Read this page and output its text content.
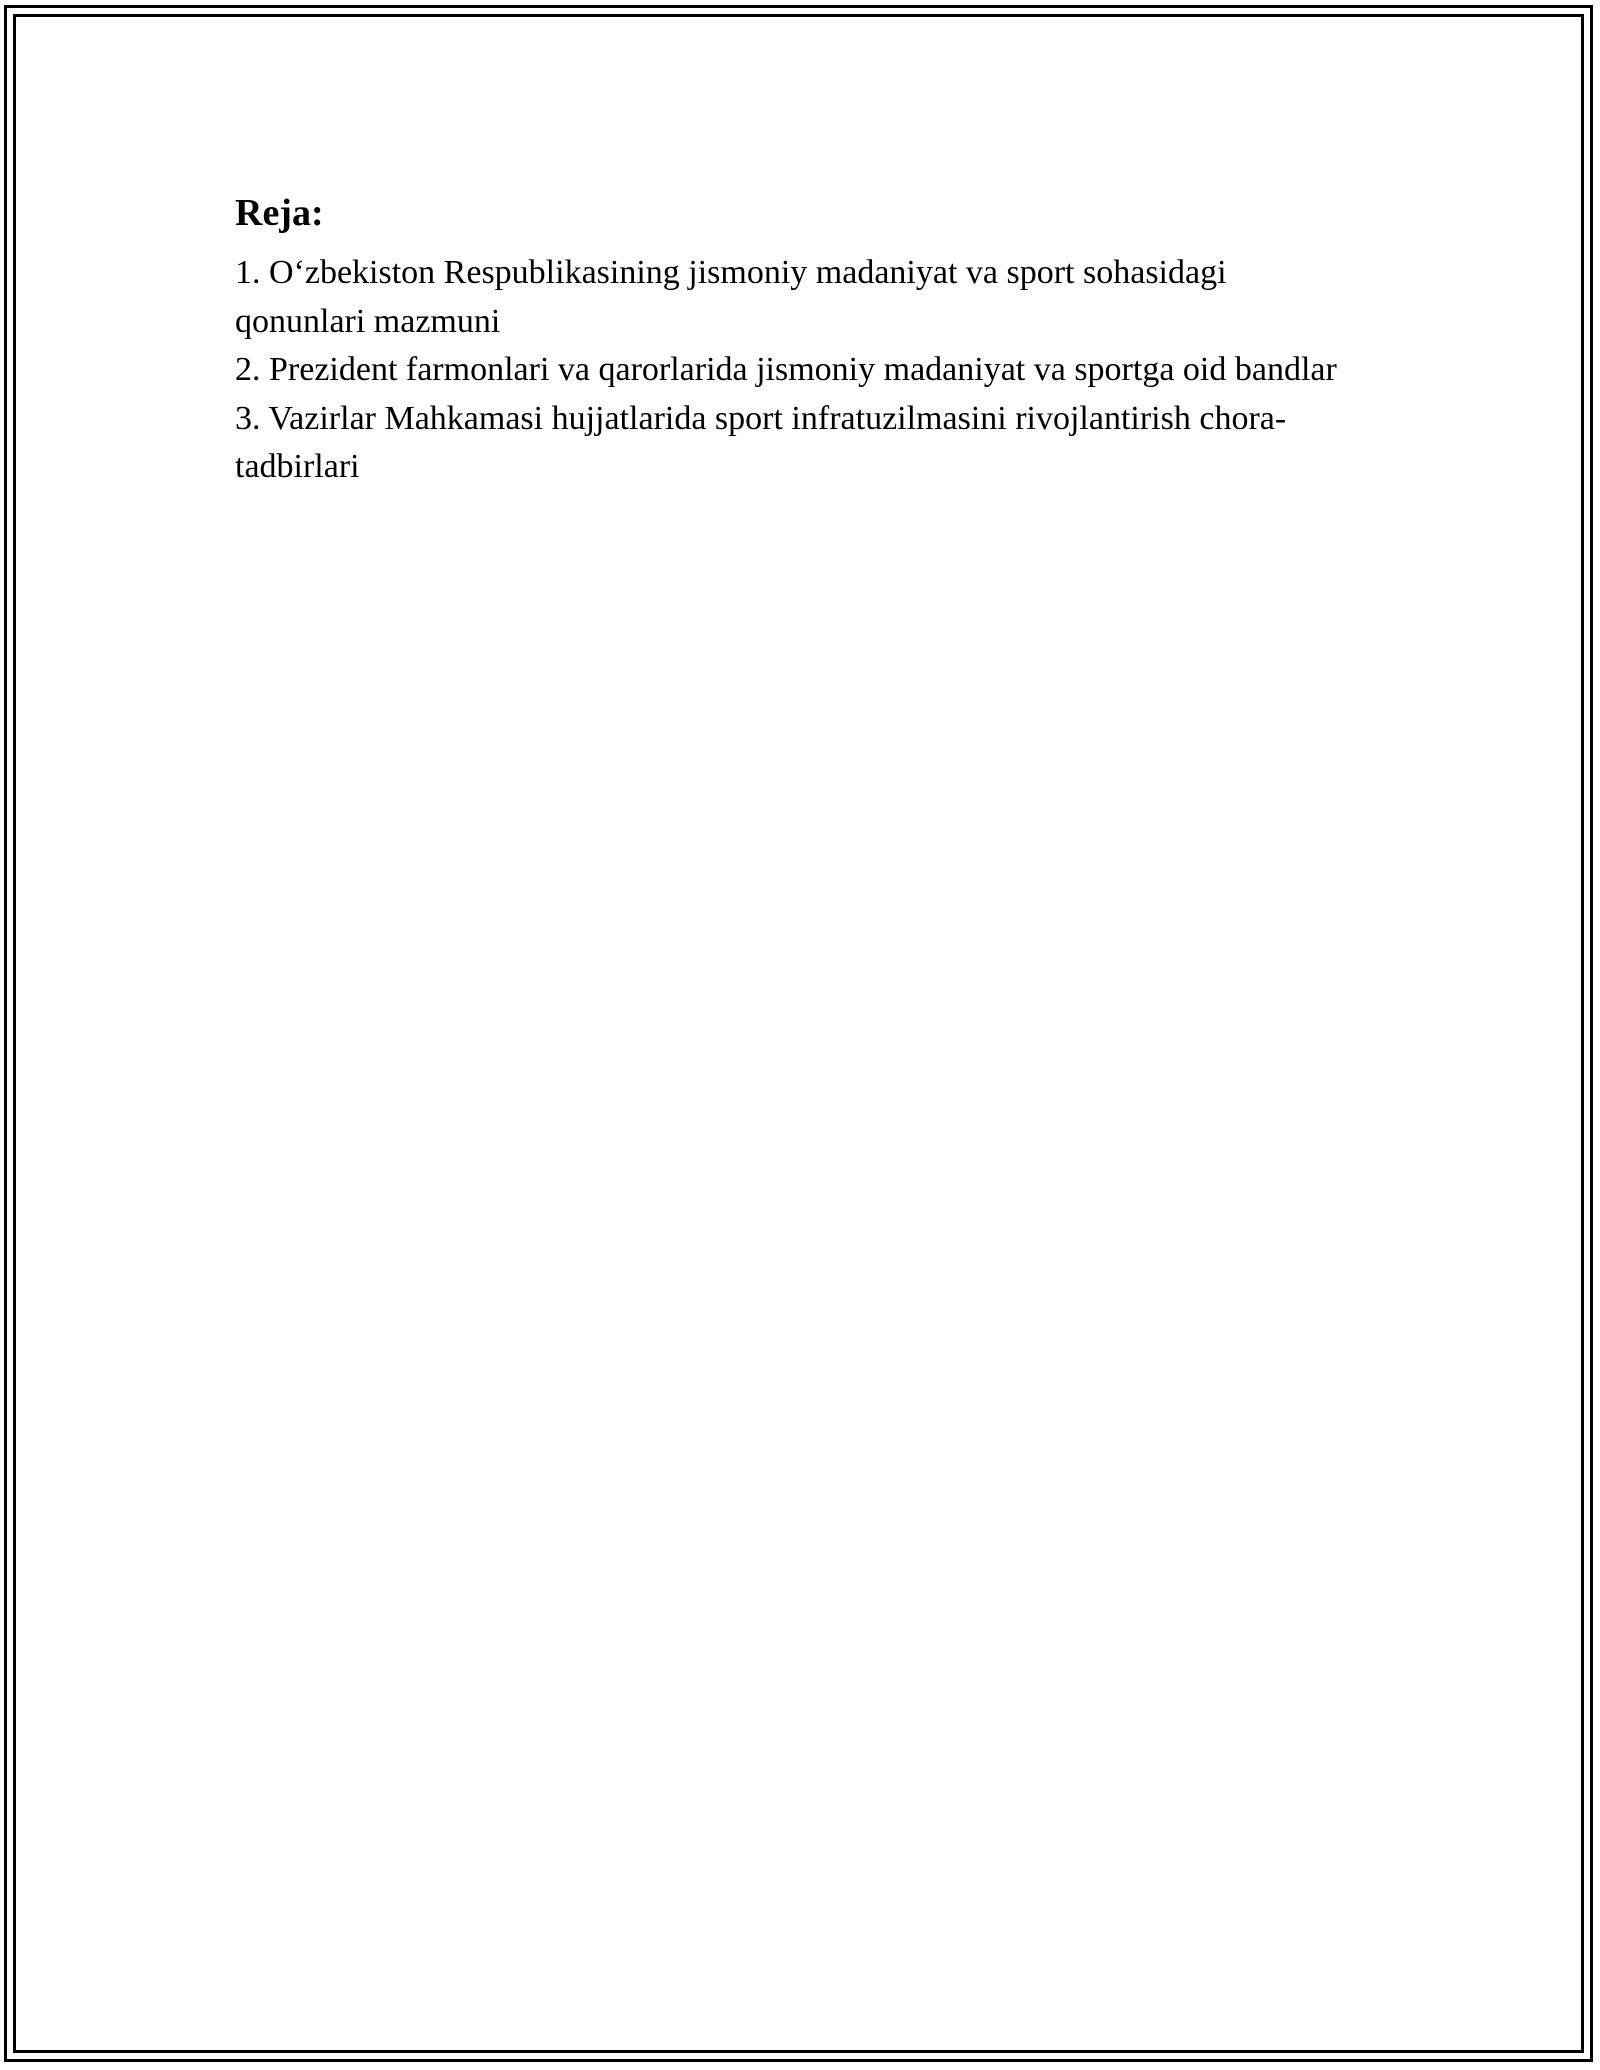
Reja:
1. O‘zbekiston Respublikasining jismoniy madaniyat va sport sohasidagi qonunlari mazmuni
2. Prezident farmonlari va qarorlarida jismoniy madaniyat va sportga oid bandlar
3. Vazirlar Mahkamasi hujjatlarida sport infratuzilmasini rivojlantirish chora-tadbirlari
